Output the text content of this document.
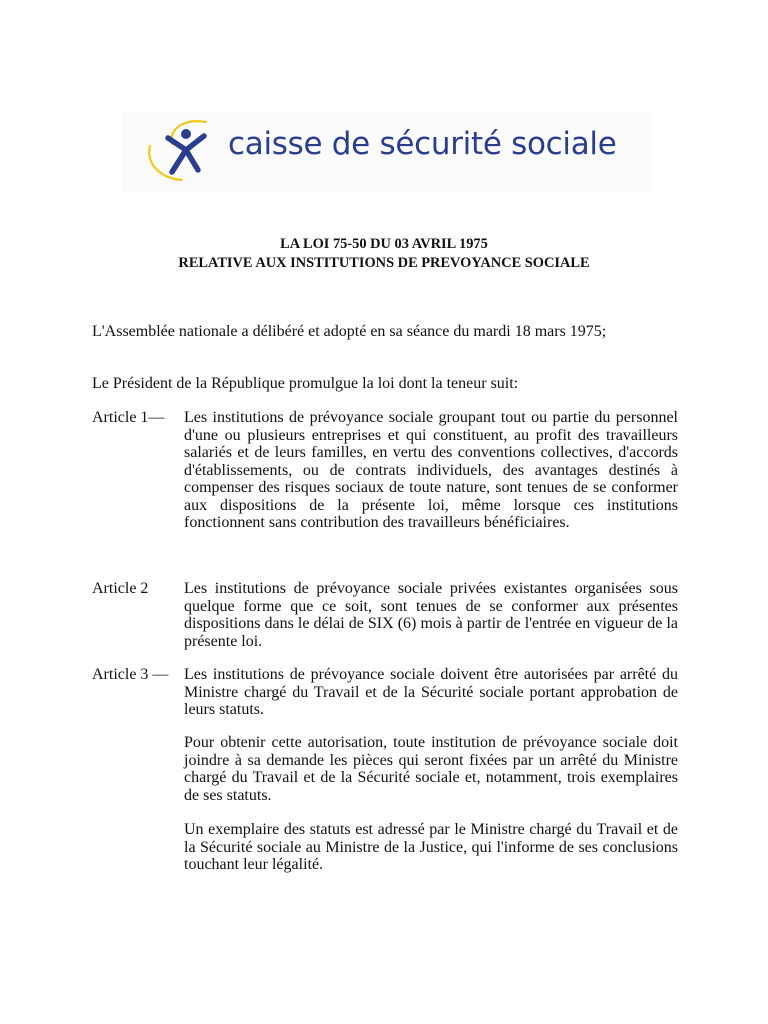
caisse de sécurité sociale
LA LOI 75-50 DU 03 AVRIL 1975
RELATIVE AUX INSTITUTIONS DE PREVOYANCE SOCIALE
L'Assemblée nationale a délibéré et adopté en sa séance du mardi 18 mars 1975;
Le Président de la République promulgue la loi dont la teneur suit:
Article 1— Les institutions de prévoyance sociale groupant tout ou partie du personnel d'une ou plusieurs entreprises et qui constituent, au profit des travailleurs salariés et de leurs familles, en vertu des conventions collectives, d'accords d'établissements, ou de contrats individuels, des avantages destinés à compenser des risques sociaux de toute nature, sont tenues de se conformer aux dispositions de la présente loi, même lorsque ces institutions fonctionnent sans contribution des travailleurs bénéficiaires.
Article 2 Les institutions de prévoyance sociale privées existantes organisées sous quelque forme que ce soit, sont tenues de se conformer aux présentes dispositions dans le délai de SIX (6) mois à partir de l'entrée en vigueur de la présente loi.
Article 3 — Les institutions de prévoyance sociale doivent être autorisées par arrêté du Ministre chargé du Travail et de la Sécurité sociale portant approbation de leurs statuts.
Pour obtenir cette autorisation, toute institution de prévoyance sociale doit joindre à sa demande les pièces qui seront fixées par un arrêté du Ministre chargé du Travail et de la Sécurité sociale et, notamment, trois exemplaires de ses statuts.
Un exemplaire des statuts est adressé par le Ministre chargé du Travail et de la Sécurité sociale au Ministre de la Justice, qui l'informe de ses conclusions touchant leur légalité.
